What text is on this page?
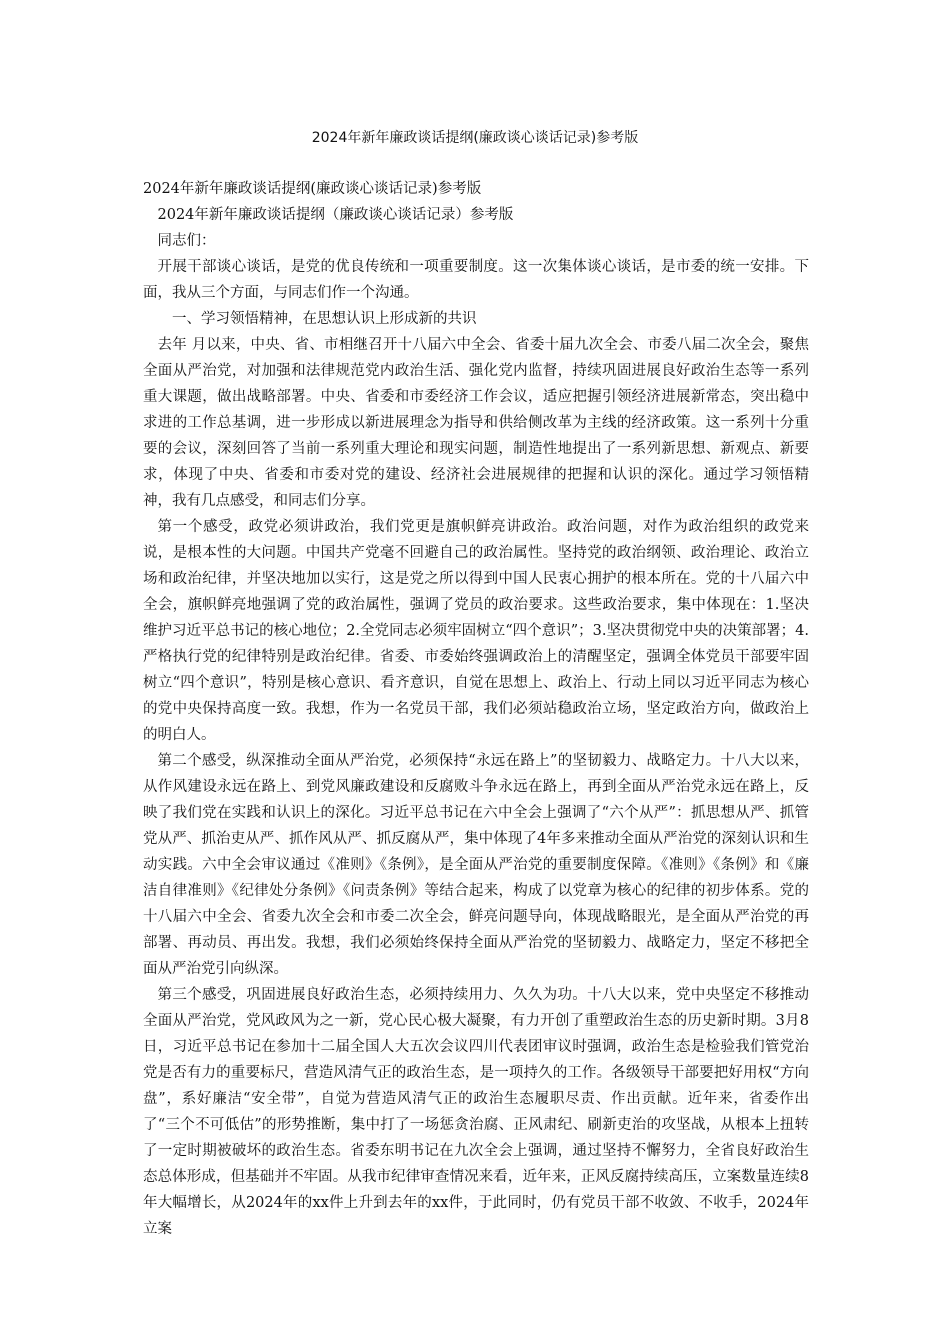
2024年新年廉政谈话提纲(廉政谈心谈话记录)参考版

2024年新年廉政谈话提纲(廉政谈心谈话记录)参考版

2024年新年廉政谈话提纲（廉政谈心谈话记录）参考版

同志们：

开展干部谈心谈话，是党的优良传统和一项重要制度。这一次集体谈心谈话，是市委的统一安排。下面，我从三个方面，与同志们作一个沟通。

一、学习领悟精神，在思想认识上形成新的共识

去年 月以来，中央、省、市相继召开十八届六中全会、省委十届九次全会、市委八届二次全会，聚焦全面从严治党，对加强和法律规范党内政治生活、强化党内监督，持续巩固进展良好政治生态等一系列重大课题，做出战略部署。中央、省委和市委经济工作会议，适应把握引领经济进展新常态，突出稳中求进的工作总基调，进一步形成以新进展理念为指导和供给侧改革为主线的经济政策。这一系列十分重要的会议，深刻回答了当前一系列重大理论和现实问题，制造性地提出了一系列新思想、新观点、新要求，体现了中央、省委和市委对党的建设、经济社会进展规律的把握和认识的深化。通过学习领悟精神，我有几点感受，和同志们分享。

第一个感受，政党必须讲政治，我们党更是旗帜鲜亮讲政治。政治问题，对作为政治组织的政党来说，是根本性的大问题。中国共产党毫不回避自己的政治属性。坚持党的政治纲领、政治理论、政治立场和政治纪律，并坚决地加以实行，这是党之所以得到中国人民衷心拥护的根本所在。党的十八届六中全会，旗帜鲜亮地强调了党的政治属性，强调了党员的政治要求。这些政治要求，集中体现在：1.坚决维护习近平总书记的核心地位；2.全党同志必须牢固树立“四个意识”；3.坚决贯彻党中央的决策部署；4.严格执行党的纪律特别是政治纪律。省委、市委始终强调政治上的清醒坚定，强调全体党员干部要牢固树立“四个意识”，特别是核心意识、看齐意识，自觉在思想上、政治上、行动上同以习近平同志为核心的党中央保持高度一致。我想，作为一名党员干部，我们必须站稳政治立场，坚定政治方向，做政治上的明白人。

第二个感受，纵深推动全面从严治党，必须保持“永远在路上”的坚韧毅力、战略定力。十八大以来，从作风建设永远在路上、到党风廉政建设和反腐败斗争永远在路上，再到全面从严治党永远在路上，反映了我们党在实践和认识上的深化。习近平总书记在六中全会上强调了“六个从严”：抓思想从严、抓管党从严、抓治吏从严、抓作风从严、抓反腐从严，集中体现了4年多来推动全面从严治党的深刻认识和生动实践。六中全会审议通过《准则》《条例》，是全面从严治党的重要制度保障。《准则》《条例》和《廉洁自律准则》《纪律处分条例》《问责条例》等结合起来，构成了以党章为核心的纪律的初步体系。党的十八届六中全会、省委九次全会和市委二次全会，鲜亮问题导向，体现战略眼光，是全面从严治党的再部署、再动员、再出发。我想，我们必须始终保持全面从严治党的坚韧毅力、战略定力，坚定不移把全面从严治党引向纵深。

第三个感受，巩固进展良好政治生态，必须持续用力、久久为功。十八大以来，党中央坚定不移推动全面从严治党，党风政风为之一新，党心民心极大凝聚，有力开创了重塑政治生态的历史新时期。3月8日，习近平总书记在参加十二届全国人大五次会议四川代表团审议时强调，政治生态是检验我们管党治党是否有力的重要标尺，营造风清气正的政治生态，是一项持久的工作。各级领导干部要把好用权“方向盘”，系好廉洁“安全带”，自觉为营造风清气正的政治生态履职尽责、作出贡献。近年来，省委作出了“三个不可低估”的形势推断，集中打了一场惩贪治腐、正风肃纪、刷新吏治的攻坚战，从根本上扭转了一定时期被破坏的政治生态。省委东明书记在九次全会上强调，通过坚持不懈努力，全省良好政治生态总体形成，但基础并不牢固。从我市纪律审查情况来看，近年来，正风反腐持续高压，立案数量连续8年大幅增长，从2024年的xx件上升到去年的xx件，于此同时，仍有党员干部不收敛、不收手，2024年立案
